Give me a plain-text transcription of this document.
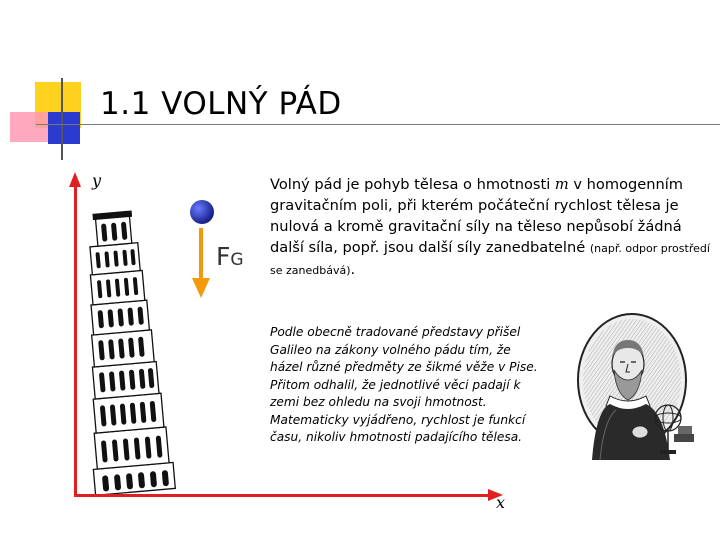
1.1 VOLNÝ PÁD
y
x
FG
Volný pád je pohyb tělesa o hmotnosti m v homogenním gravitačním poli, při kterém počáteční rychlost tělesa je nulová a kromě gravitační síly na těleso nepůsobí žádná další síla, popř. jsou další síly zanedbatelné (např. odpor prostředí se zanedbává).
Podle obecně tradované představy přišel
Galileo na zákony volného pádu tím, že
házel různé předměty ze šikmé věže v Pise.
Přitom odhalil, že jednotlivé věci padají k
zemi bez ohledu na svoji hmotnost.
Matematicky vyjádřeno, rychlost je funkcí
času, nikoliv hmotnosti padajícího tělesa.
